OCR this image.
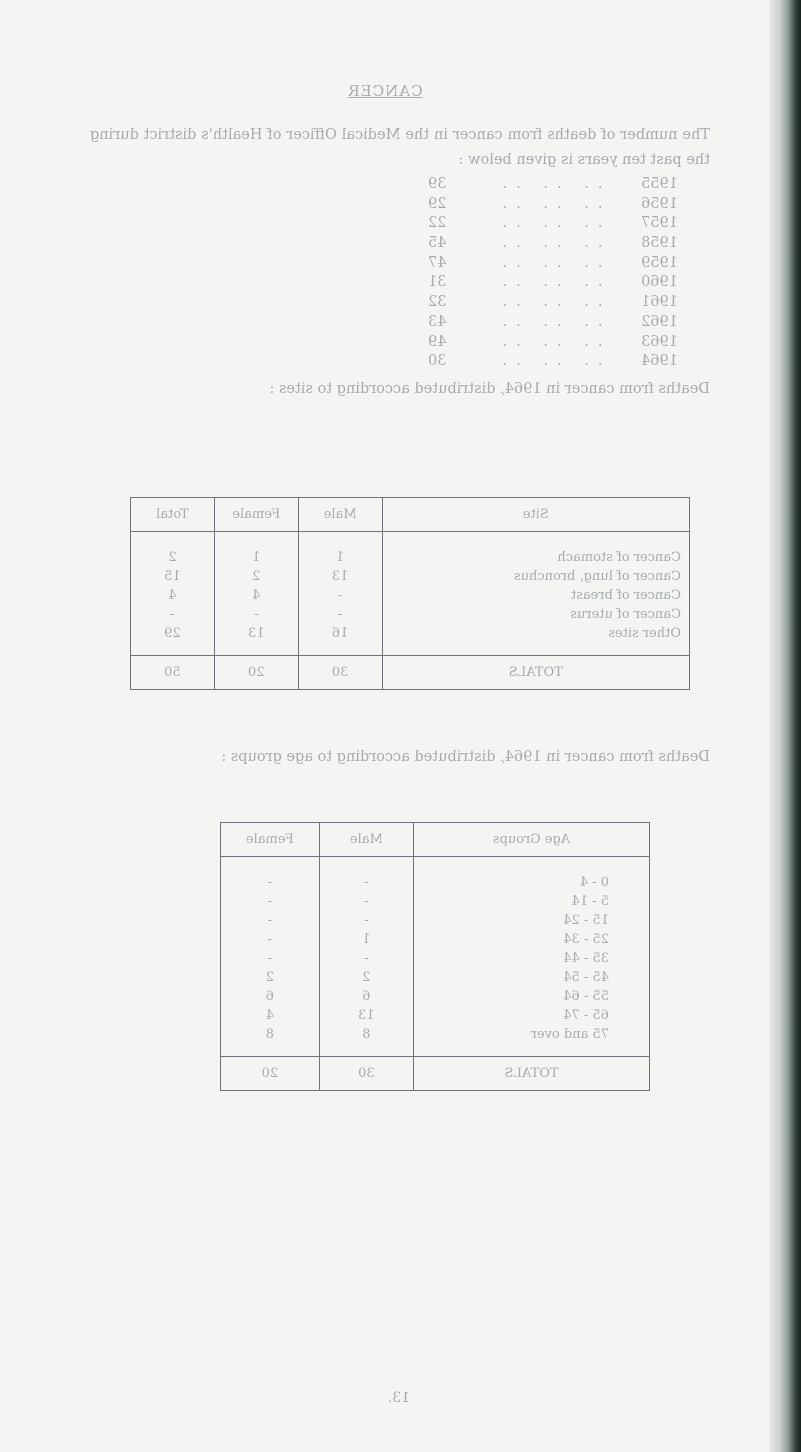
CANCER
The number of deaths from cancer in the Medical Officer of Health's district during the past ten years is given below :
1955.. .. ..39
1956.. .. ..29
1957.. .. ..22
1958.. .. ..45
1959.. .. ..47
1960.. .. ..31
1961.. .. ..32
1962.. .. ..43
1963.. .. ..49
1964.. .. ..30
Deaths from cancer in 1964, distributed according to sites :
Site	Male	Female	Total
Cancer of stomach	1	1	2
Cancer of lung, bronchus	13	2	15
Cancer of breast	-	4	4
Cancer of uterus	-	-	-
Other sites	16	13	29
TOTALS	30	20	50
Deaths from cancer in 1964, distributed according to age groups :
Age Groups	Male	Female
0 - 4	-	-
5 - 14	-	-
15 - 24	-	-
25 - 34	1	-
35 - 44	-	-
45 - 54	2	2
55 - 64	6	6
65 - 74	13	4
75 and over	8	8
TOTALS	30	20
13.
